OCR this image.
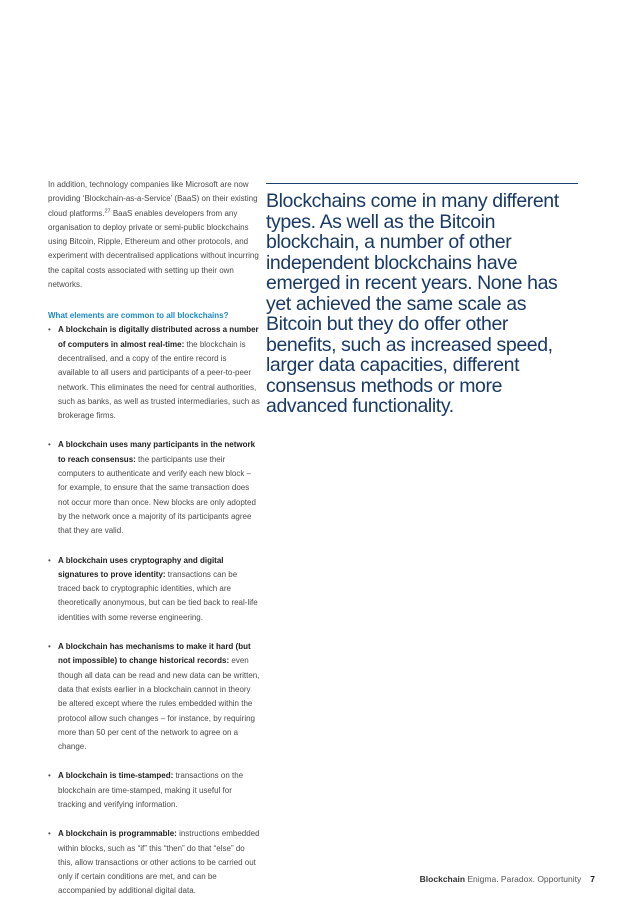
In addition, technology companies like Microsoft are now providing ‘Blockchain-as-a-Service’ (BaaS) on their existing cloud platforms.$^{27}$ BaaS enables developers from any organisation to deploy private or semi-public blockchains using Bitcoin, Ripple, Ethereum and other protocols, and experiment with decentralised applications without incurring the capital costs associated with setting up their own networks.

What elements are common to all blockchains?
• A blockchain is digitally distributed across a number of computers in almost real-time: the blockchain is decentralised, and a copy of the entire record is available to all users and participants of a peer-to-peer network. This eliminates the need for central authorities, such as banks, as well as trusted intermediaries, such as brokerage firms.
• A blockchain uses many participants in the network to reach consensus: the participants use their computers to authenticate and verify each new block – for example, to ensure that the same transaction does not occur more than once. New blocks are only adopted by the network once a majority of its participants agree that they are valid.
• A blockchain uses cryptography and digital signatures to prove identity: transactions can be traced back to cryptographic identities, which are theoretically anonymous, but can be tied back to real-life identities with some reverse engineering.
• A blockchain has mechanisms to make it hard (but not impossible) to change historical records: even though all data can be read and new data can be written, data that exists earlier in a blockchain cannot in theory be altered except where the rules embedded within the protocol allow such changes – for instance, by requiring more than 50 per cent of the network to agree on a change.
• A blockchain is time-stamped: transactions on the blockchain are time-stamped, making it useful for tracking and verifying information.
• A blockchain is programmable: instructions embedded within blocks, such as “if” this “then” do that “else” do this, allow transactions or other actions to be carried out only if certain conditions are met, and can be accompanied by additional digital data.

Blockchains come in many different types. As well as the Bitcoin blockchain, a number of other independent blockchains have emerged in recent years. None has yet achieved the same scale as Bitcoin but they do offer other benefits, such as increased speed, larger data capacities, different consensus methods or more advanced functionality.

Blockchain Enigma. Paradox. Opportunity 7
